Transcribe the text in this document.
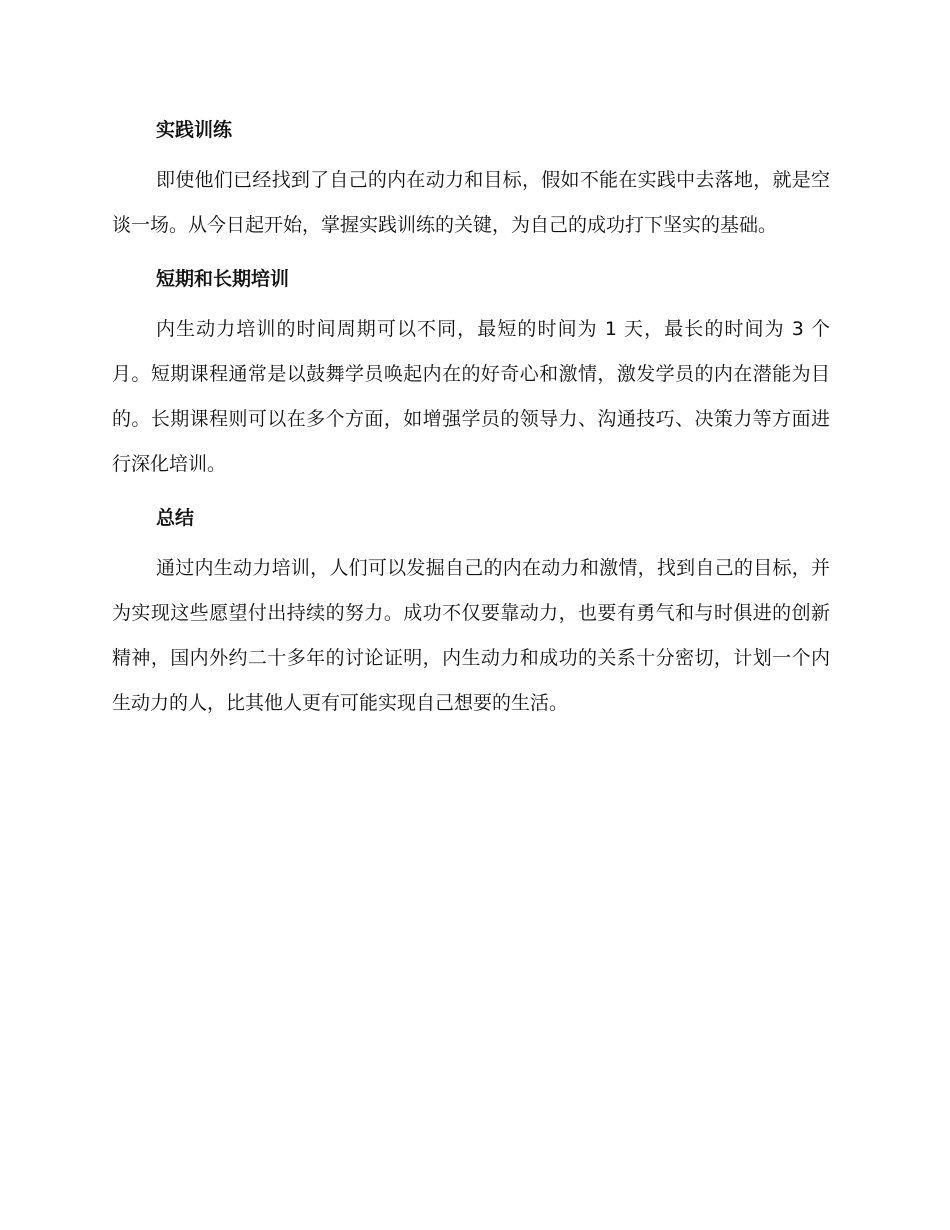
实践训练

即使他们已经找到了自己的内在动力和目标，假如不能在实践中去落地，就是空谈一场。从今日起开始，掌握实践训练的关键，为自己的成功打下坚实的基础。

短期和长期培训

内生动力培训的时间周期可以不同，最短的时间为 1 天，最长的时间为 3 个月。短期课程通常是以鼓舞学员唤起内在的好奇心和激情，激发学员的内在潜能为目的。长期课程则可以在多个方面，如增强学员的领导力、沟通技巧、决策力等方面进行深化培训。

总结

通过内生动力培训，人们可以发掘自己的内在动力和激情，找到自己的目标，并为实现这些愿望付出持续的努力。成功不仅要靠动力，也要有勇气和与时俱进的创新精神，国内外约二十多年的讨论证明，内生动力和成功的关系十分密切，计划一个内生动力的人，比其他人更有可能实现自己想要的生活。
